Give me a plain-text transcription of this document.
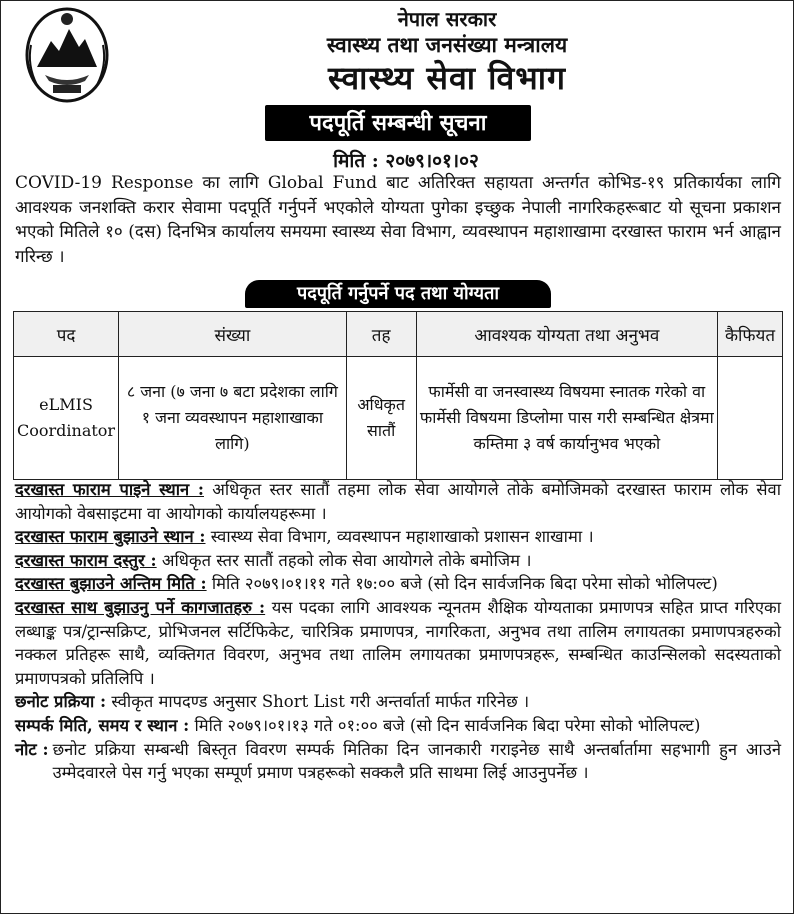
नेपाल सरकार
स्वास्थ्य तथा जनसंख्या मन्त्रालय
स्वास्थ्य सेवा विभाग
पदपूर्ति सम्बन्धी सूचना
मिति : २०७९।०१।०२
COVID-19 Response का लागि Global Fund बाट अतिरिक्त सहायता अन्तर्गत कोभिड-१९ प्रतिकार्यका लागि आवश्यक जनशक्ति करार सेवामा पदपूर्ति गर्नुपर्ने भएकोले योग्यता पुगेका इच्छुक नेपाली नागरिकहरूबाट यो सूचना प्रकाशन भएको मितिले १० (दस) दिनभित्र कार्यालय समयमा स्वास्थ्य सेवा विभाग, व्यवस्थापन महाशाखामा दरखास्त फाराम भर्न आह्वान गरिन्छ ।
पदपूर्ति गर्नुपर्ने पद तथा योग्यता
पद	संख्या	तह	आवश्यक योग्यता तथा अनुभव	कैफियत
eLMIS Coordinator	८ जना (७ जना ७ बटा प्रदेशका लागि १ जना व्यवस्थापन महाशाखाका लागि)	अधिकृत सातौं	फार्मेसी वा जनस्वास्थ्य विषयमा स्नातक गरेको वा फार्मेसी विषयमा डिप्लोमा पास गरी सम्बन्धित क्षेत्रमा कम्तिमा ३ वर्ष कार्यानुभव भएको	

दरखास्त फाराम पाइने स्थान : अधिकृत स्तर सातौं तहमा लोक सेवा आयोगले तोके बमोजिमको दरखास्त फाराम लोक सेवा आयोगको वेबसाइटमा वा आयोगको कार्यालयहरूमा ।

दरखास्त फाराम बुझाउने स्थान : स्वास्थ्य सेवा विभाग, व्यवस्थापन महाशाखाको प्रशासन शाखामा ।

दरखास्त फाराम दस्तुर : अधिकृत स्तर सातौं तहको लोक सेवा आयोगले तोके बमोजिम ।

दरखास्त बुझाउने अन्तिम मिति : मिति २०७९।०१।११ गते १७:०० बजे (सो दिन सार्वजनिक बिदा परेमा सोको भोलिपल्ट)

दरखास्त साथ बुझाउनु पर्ने कागजातहरु : यस पदका लागि आवश्यक न्यूनतम शैक्षिक योग्यताका प्रमाणपत्र सहित प्राप्त गरिएका लब्धाङ्क पत्र/ट्रान्सक्रिप्ट, प्रोभिजनल सर्टिफिकेट, चारित्रिक प्रमाणपत्र, नागरिकता, अनुभव तथा तालिम लगायतका प्रमाणपत्रहरुको नक्कल प्रतिहरू साथै, व्यक्तिगत विवरण, अनुभव तथा तालिम लगायतका प्रमाणपत्रहरू, सम्बन्धित काउन्सिलको सदस्यताको प्रमाणपत्रको प्रतिलिपि ।

छनोट प्रक्रिया : स्वीकृत मापदण्ड अनुसार Short List गरी अन्तर्वार्ता मार्फत गरिनेछ ।

सम्पर्क मिति, समय र स्थान : मिति २०७९।०१।१३ गते ०१:०० बजे (सो दिन सार्वजनिक बिदा परेमा सोको भोलिपल्ट)

नोट : छनोट प्रक्रिया सम्बन्धी बिस्तृत विवरण सम्पर्क मितिका दिन जानकारी गराइनेछ साथै अन्तर्बार्तामा सहभागी हुन आउने उम्मेदवारले पेस गर्नु भएका सम्पूर्ण प्रमाण पत्रहरूको सक्कलै प्रति साथमा लिई आउनुपर्नेछ ।
